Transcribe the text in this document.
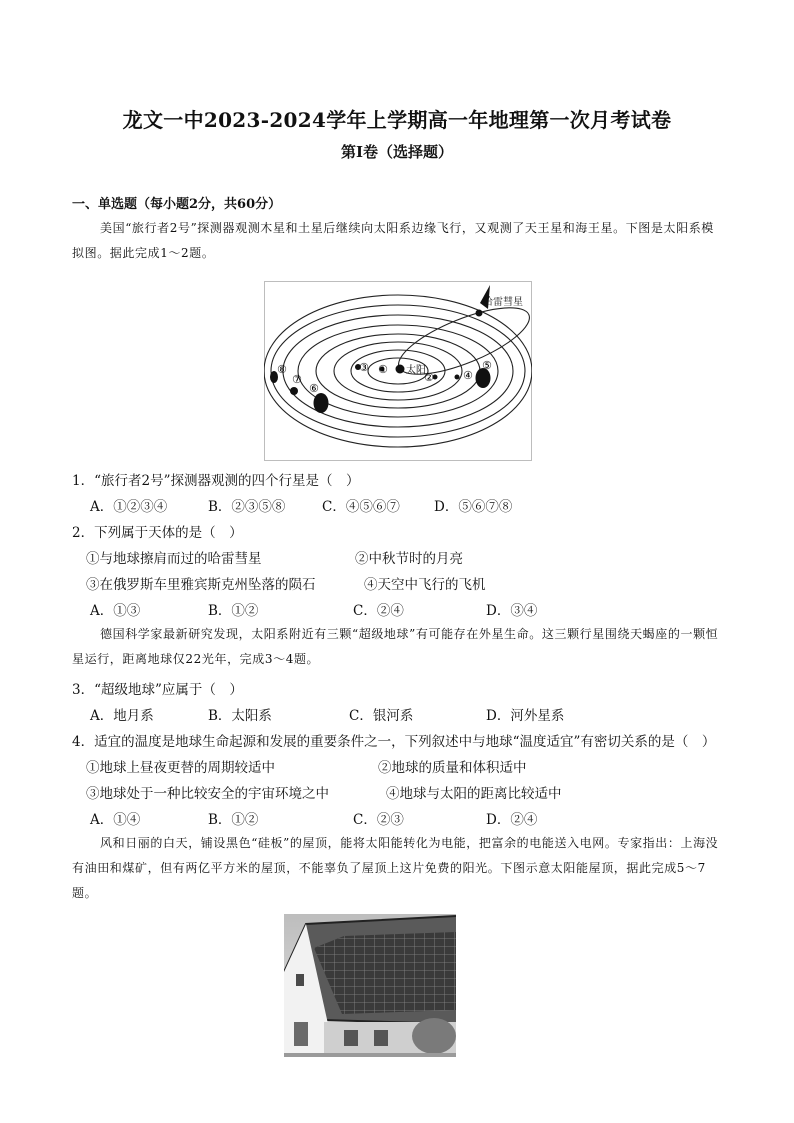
龙文一中2023-2024学年上学期高一年地理第一次月考试卷
第Ⅰ卷（选择题）
一、单选题（每小题2分，共60分）
美国“旅行者2号”探测器观测木星和土星后继续向太阳系边缘飞行，又观测了天王星和海王星。下图是太阳系模拟图。据此完成1～2题。
哈雷彗星
太阳
①
②
③
④
⑤
⑥
⑦
⑧
1．“旅行者2号”探测器观测的四个行星是（　）
A．①②③④	B．②③⑤⑧	C．④⑤⑥⑦	D．⑤⑥⑦⑧
2．下列属于天体的是（　）
①与地球擦肩而过的哈雷彗星	②中秋节时的月亮
③在俄罗斯车里雅宾斯克州坠落的陨石	④天空中飞行的飞机
A．①③	B．①②	C．②④	D．③④
德国科学家最新研究发现，太阳系附近有三颗“超级地球”有可能存在外星生命。这三颗行星围绕天蝎座的一颗恒星运行，距离地球仅22光年，完成3～4题。
3．“超级地球”应属于（　）
A．地月系	B．太阳系	C．银河系	D．河外星系
4．适宜的温度是地球生命起源和发展的重要条件之一，下列叙述中与地球“温度适宜”有密切关系的是（　）
①地球上昼夜更替的周期较适中	②地球的质量和体积适中
③地球处于一种比较安全的宇宙环境之中	④地球与太阳的距离比较适中
A．①④	B．①②	C．②③	D．②④
风和日丽的白天，铺设黑色“硅板”的屋顶，能将太阳能转化为电能，把富余的电能送入电网。专家指出：上海没有油田和煤矿，但有两亿平方米的屋顶，不能辜负了屋顶上这片免费的阳光。下图示意太阳能屋顶，据此完成5～7题。
